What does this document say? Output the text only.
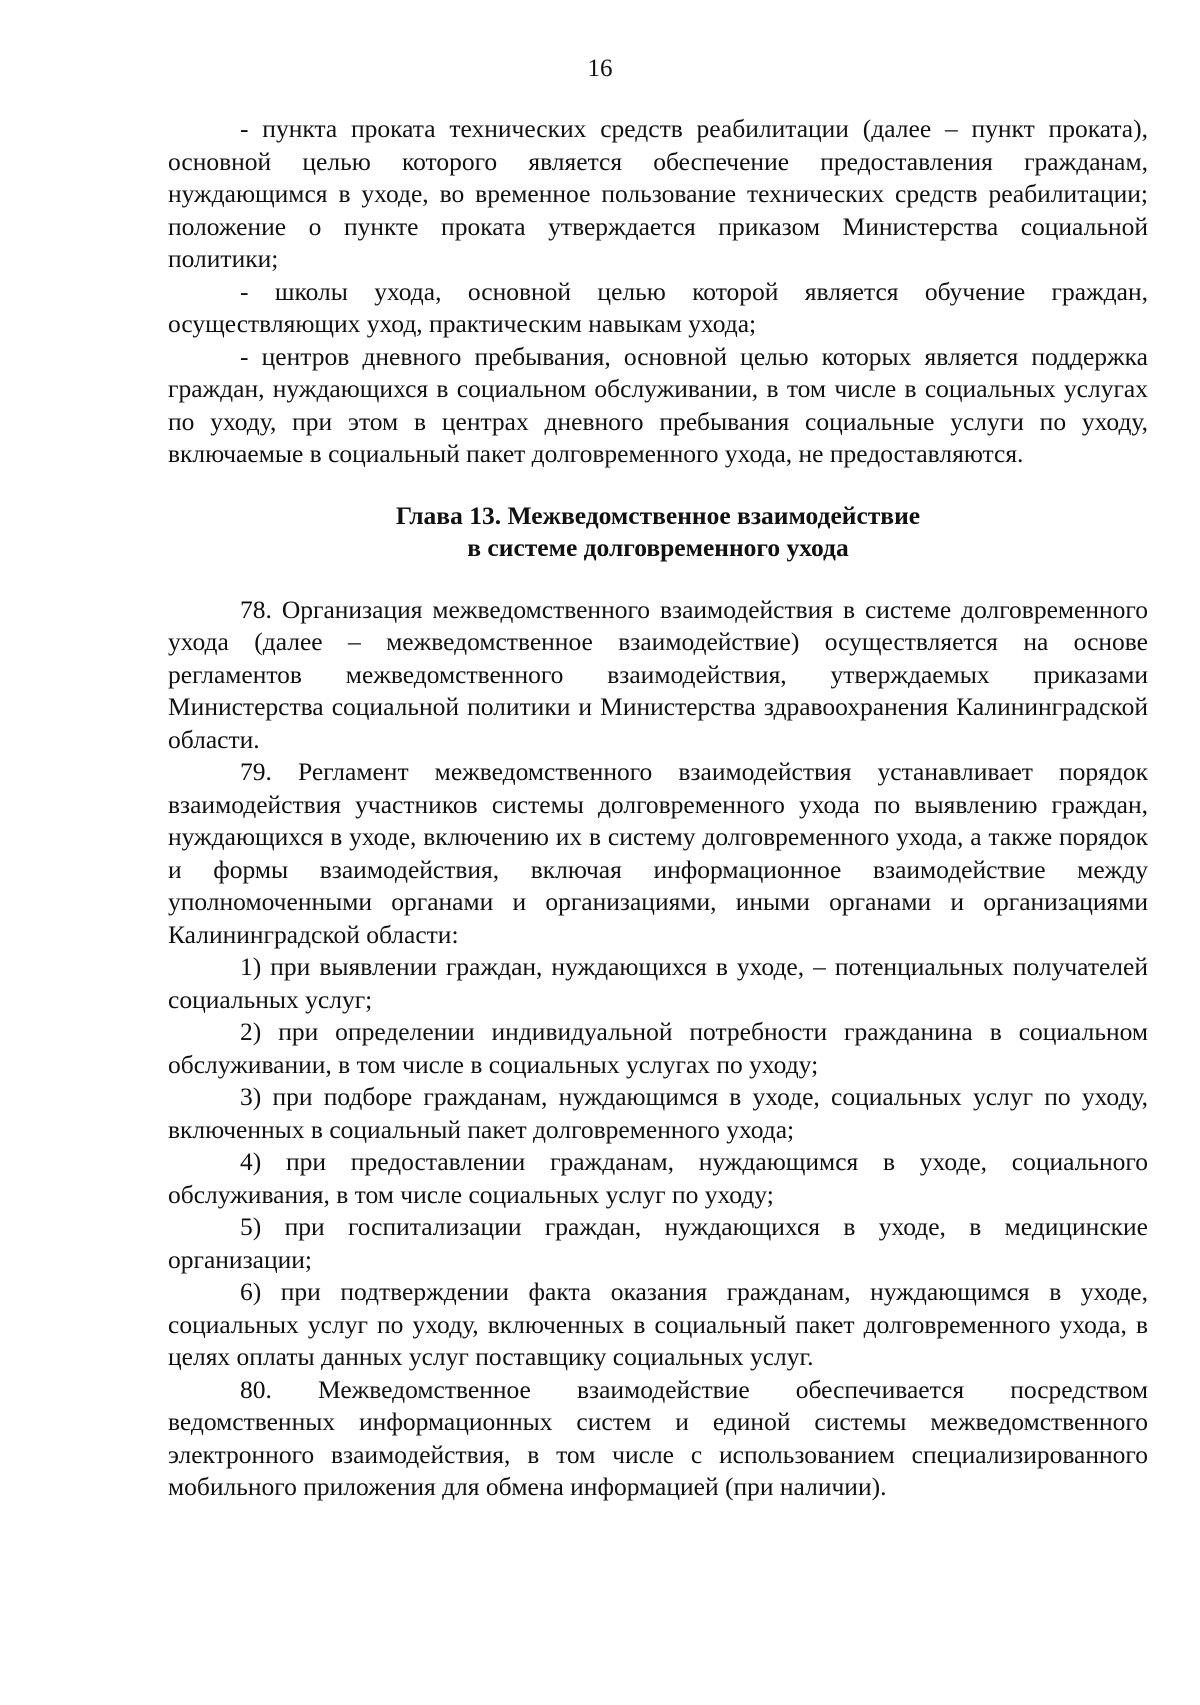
16

- пункта проката технических средств реабилитации (далее – пункт проката), основной целью которого является обеспечение предоставления гражданам, нуждающимся в уходе, во временное пользование технических средств реабилитации; положение о пункте проката утверждается приказом Министерства социальной политики;

- школы ухода, основной целью которой является обучение граждан, осуществляющих уход, практическим навыкам ухода;

- центров дневного пребывания, основной целью которых является поддержка граждан, нуждающихся в социальном обслуживании, в том числе в социальных услугах по уходу, при этом в центрах дневного пребывания социальные услуги по уходу, включаемые в социальный пакет долговременного ухода, не предоставляются.

Глава 13. Межведомственное взаимодействие
в системе долговременного ухода

78. Организация межведомственного взаимодействия в системе долговременного ухода (далее – межведомственное взаимодействие) осуществляется на основе регламентов межведомственного взаимодействия, утверждаемых приказами Министерства социальной политики и Министерства здравоохранения Калининградской области.

79. Регламент межведомственного взаимодействия устанавливает порядок взаимодействия участников системы долговременного ухода по выявлению граждан, нуждающихся в уходе, включению их в систему долговременного ухода, а также порядок и формы взаимодействия, включая информационное взаимодействие между уполномоченными органами и организациями, иными органами и организациями Калининградской области:

1) при выявлении граждан, нуждающихся в уходе, – потенциальных получателей социальных услуг;

2) при определении индивидуальной потребности гражданина в социальном обслуживании, в том числе в социальных услугах по уходу;

3) при подборе гражданам, нуждающимся в уходе, социальных услуг по уходу, включенных в социальный пакет долговременного ухода;

4) при предоставлении гражданам, нуждающимся в уходе, социального обслуживания, в том числе социальных услуг по уходу;

5) при госпитализации граждан, нуждающихся в уходе, в медицинские организации;

6) при подтверждении факта оказания гражданам, нуждающимся в уходе, социальных услуг по уходу, включенных в социальный пакет долговременного ухода, в целях оплаты данных услуг поставщику социальных услуг.

80. Межведомственное взаимодействие обеспечивается посредством ведомственных информационных систем и единой системы межведомственного электронного взаимодействия, в том числе с использованием специализированного мобильного приложения для обмена информацией (при наличии).
